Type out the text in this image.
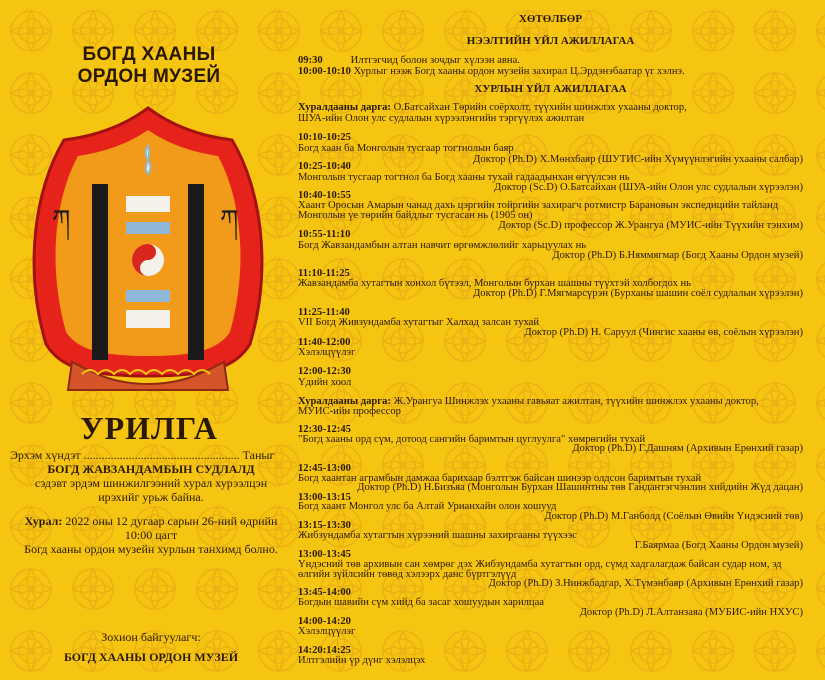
БОГД ХААНЫ
ОРДОН МУЗЕЙ
ཀ	ཀ
УРИЛГА
Эрхэм хүндэт .................................................... Таныг
БОГД ЖАВЗАНДАМБЫН СУДЛАЛД
сэдэвт эрдэм шинжилгээний хурал хурээлцэн
ирэхийг урьж байна.
Хурал: 2022 оны 12 дугаар сарын 26-ний өдрийн
10:00 цагт
Богд хааны ордон музейн хурлын танхимд болно.
Зохион байгуулагч:
БОГД ХААНЫ ОРДОН МУЗЕЙ
ХӨТӨЛБӨР
НЭЭЛТИЙН ҮЙЛ АЖИЛЛАГАА
09:30	Илтгэгчид болон зочдыг хүлээн авна.
10:00-10:10 Хурлыг нээж Богд хааны ордон музейн захирал Ц.Эрдэнэбаатар үг хэлнэ.
ХУРЛЫН ҮЙЛ АЖИЛЛАГАА
Хуралдааны дарга: О.Батсайхан Төрийн соёрхолт, түүхийн шинжлэх ухааны доктор,
ШУА-ийн Олон улс судлалын хүрээлэнгийн тэргүүлэх ажилтан
10:10-10:25
Богд хаан ба Монголын тусгаар тогтнолын баяр
Доктор (Ph.D) Х.Мөнхбаяр (ШУТИС-ийн Хүмүүнлэгийн ухааны салбар)
10:25-10:40
Монголын тусгаар тогтнол ба Богд хааны тухай гадаадынхан өгүүлсэн нь
Доктор (Sc.D) О.Батсайхан (ШУА-ийн Олон улс судлалын хүрээлэн)
10:40-10:55
Хаант Оросын Амарын чанад дахь цэргийн тойргийн захирагч ротмистр Барановын экспедицийн тайланд
Монголын үе төрийн байдлыг тусгасан нь (1905 он)
Доктор (Sc.D) профессор Ж.Урангуа (МУИС-ийн Түүхийн тэнхим)
10:55-11:10
Богд Жавзандамбын алтан навчит өргөмжлөлийг харьцуулах нь
Доктор (Ph.D) Б.Няммягмар (Богд Хааны Ордон музей)
11:10-11:25
Жавзандамба хутагтын хонхол бүтээл, Монголын бурхан шашны түүхтэй холбогдох нь
Доктор (Ph.D) Г.Мягмарсүрэн (Бурханы шашин соёл судлалын хүрээлэн)
11:25-11:40
VII Богд Живзундамба хутагтыг Халхад залсан тухай
Доктор (Ph.D) Н. Саруул (Чингис хааны өв, соёлын хүрээлэн)
11:40-12:00
Хэлэлцүүлэг
12:00-12:30
Үдийн хоол
Хуралдааны дарга: Ж.Урангуа Шинжлэх ухааны гавьяат ажилтан, түүхийн шинжлэх ухааны доктор,
МУИС-ийн профессор
12:30-12:45
"Богд хааны орд сүм, дотоод сангийн баримтын цуглуулга" хөмрөгийн тухай
Доктор (Ph.D) Г.Дашням (Архивын Ерөнхий газар)
12:45-13:00
Богд хаантан аграмбын дамжаа барихаар бэлтгэж байсан шинээр олдсон баримтын тухай
Доктор (Ph.D) Н.Бизъяа (Монголын Бурхан Шашинтны төв Гандантэгчэнлин хийдийн Жүд дацан)
13:00-13:15
Богд хаант Монгол улс ба Алтай Урианхайн олон хошууд
Доктор (Ph.D) М.Ганболд (Соёлын Өвийн Үндэсний төв)
13:15-13:30
Жибзундамба хутагтын хүрээний шашны захиргааны түүхээс
Г.Баярмаа (Богд Хааны Ордон музей)
13:00-13:45
Үндэсний төв архивын сан хөмрөг дэх Жибзундамба хутагтын орд, сүмд хадгалагдаж байсан судар ном, эд
өлгийн зүйлсийн төвөд хэлээрх данс бүртгэлүүд
Доктор (Ph.D) З.Нинжбадгар, Х.Түмэнбаяр (Архивын Ерөнхий газар)
13:45-14:00
Богдын шавийн сүм хийд ба засаг хошуудын харилцаа
Доктор (Ph.D) Л.Алтанзаяа (МУБИС-ийн НХУС)
14:00-14:20
Хэлэлцүүлэг
14:20:14:25
Илтгэлийн үр дүнг хэлэлцэх
